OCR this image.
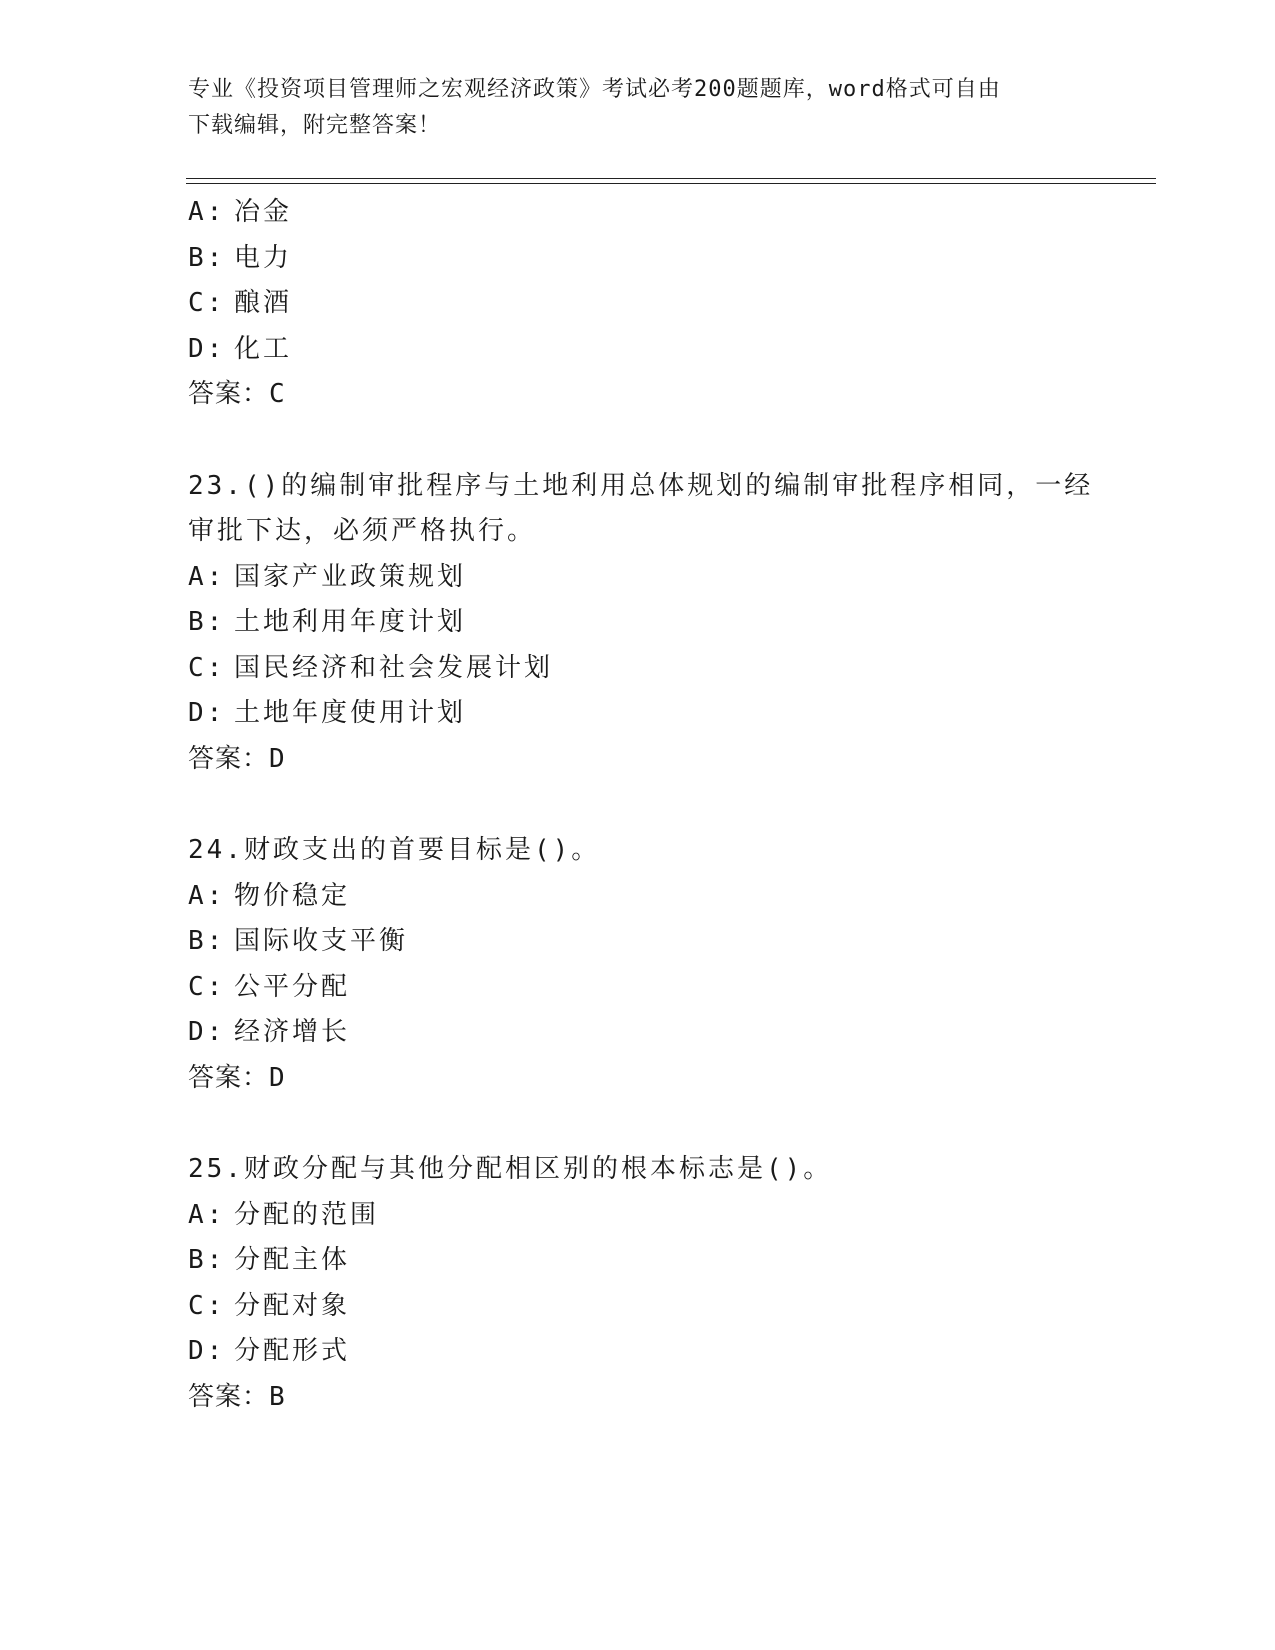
专业《投资项目管理师之宏观经济政策》考试必考200题题库，word格式可自由
下载编辑，附完整答案！
A: 冶金
B: 电力
C: 酿酒
D: 化工
答案：C
23.()的编制审批程序与土地利用总体规划的编制审批程序相同，一经
审批下达，必须严格执行。
A: 国家产业政策规划
B: 土地利用年度计划
C: 国民经济和社会发展计划
D: 土地年度使用计划
答案：D
24.财政支出的首要目标是()。
A: 物价稳定
B: 国际收支平衡
C: 公平分配
D: 经济增长
答案：D
25.财政分配与其他分配相区别的根本标志是()。
A: 分配的范围
B: 分配主体
C: 分配对象
D: 分配形式
答案：B
